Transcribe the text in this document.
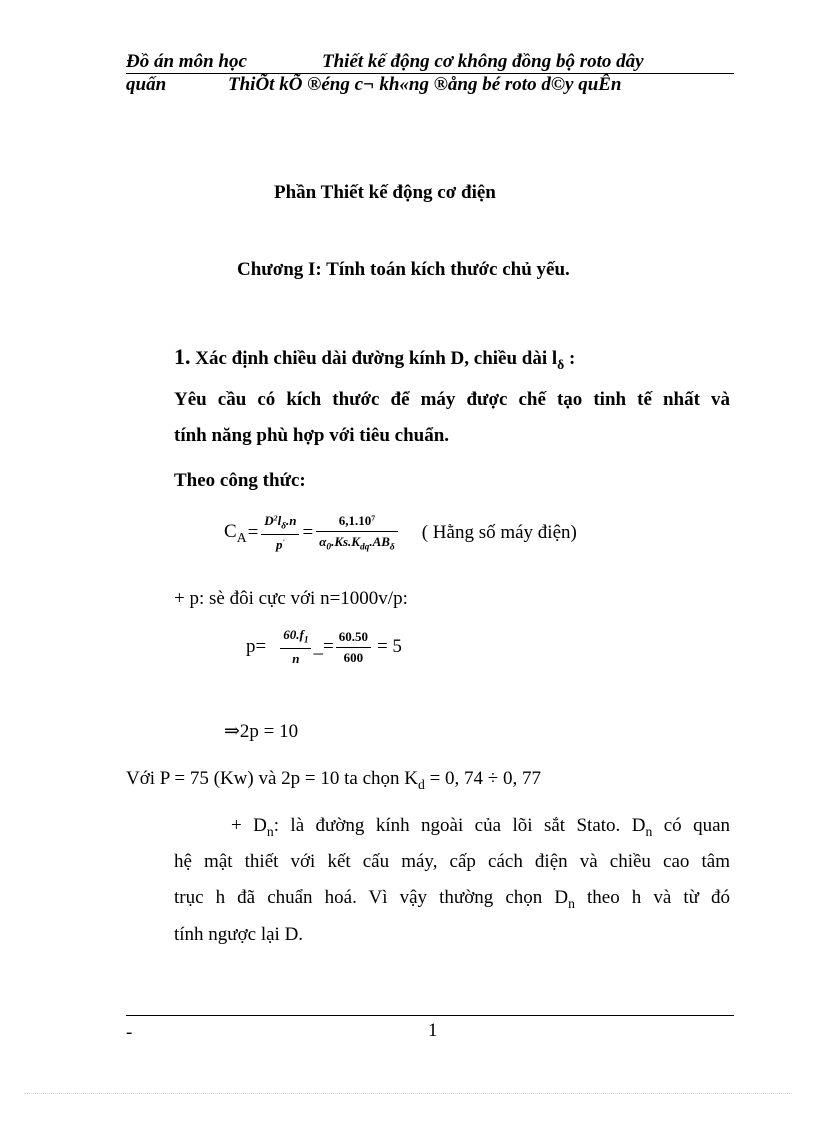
Đồ án môn học	Thiết kế động cơ không đồng bộ roto dây
quấn	ThiÕt kÕ ®éng c¬ kh«ng ®ång bé roto d©y quÊn
Phần Thiết kế động cơ điện
Chương I: Tính toán kích thước chủ yếu.
1. Xác định chiều dài đường kính D, chiều dài $l_\delta$ :
Yêu cầu có kích thước để máy được chế tạo tinh tế nhất và
tính năng phù hợp với tiêu chuẩn.
Theo công thức:
$C_A = \frac{D^2l_\delta.n}{p'} = \frac{6,1.10^7}{\alpha_0.Ks.K_{dq}.AB_\delta}$ ( Hằng số máy điện)
+ p: sè đôi cực với n=1000v/p:
$p= \frac{60.f_1}{n}$ _= $\frac{60.50}{600} = 5$
⇒2p = 10
Với P = 75 (Kw) và 2p = 10 ta chọn $K_d = 0$, 74 ÷ 0, 77
+ $D_n$: là đường kính ngoài của lõi sắt Stato. $D_n$ có quan
hệ mật thiết với kết cấu máy, cấp cách điện và chiều cao tâm
trục h đã chuẩn hoá. Vì vậy thường chọn $D_n$ theo h và từ đó
tính ngược lại D.
-	1
